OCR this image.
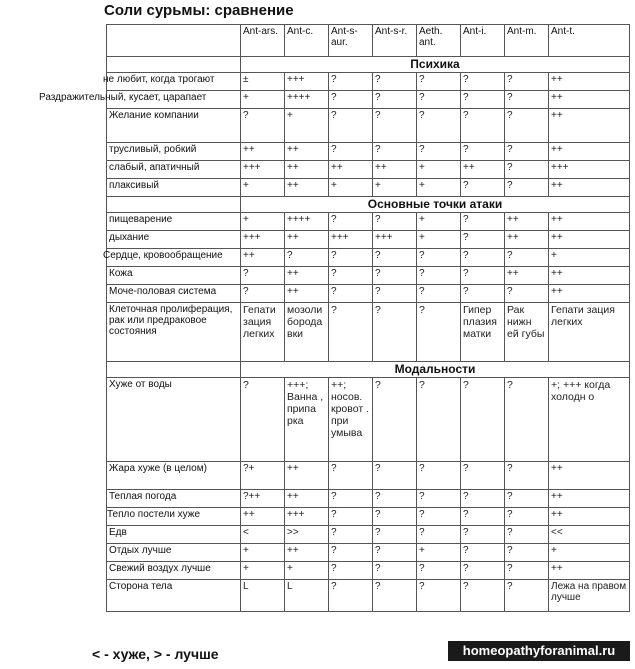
Соли сурьмы: сравнение
	Ant-ars.	Ant-c.	Ant-s-aur.	Ant-s-r.	Aeth. ant.	Ant-i.	Ant-m.	Ant-t.
	Психика							
не любит, когда трогают	±	+++	?	?	?	?	?	++
Раздражительный, кусает, царапает	+	++++	?	?	?	?	?	++
Желание компании	?	+	?	?	?	?	?	++
трусливый, робкий	++	++	?	?	?	?	?	++
слабый, апатичный	+++	++	++	++	+	++	?	+++
плаксивый	+	++	+	+	+	?	?	++
	Основные точки атаки							
пищеварение	+	++++	?	?	+	?	++	++
дыхание	+++	++	+++	+++	+	?	++	++
Сердце, кровообращение	++	?	?	?	?	?	?	+
Кожа	?	++	?	?	?	?	++	++
Моче-половая система	?	++	?	?	?	?	?	++
Клеточная пролиферация, рак или предраковое состояния	Гепати зация легких	мозоли борода вки	?	?	?	Гипер плазия матки	Рак нижн ей губы	Гепати зация легких
	Модальности							
Хуже от воды	?	+++; Ванна , припа рка	++; носов. кровот . при умыва	?	?	?	?	+; +++ когда холодн о
Жара хуже (в целом)	?+	++	?	?	?	?	?	++
Теплая погода	?++	++	?	?	?	?	?	++
Тепло постели хуже	++	+++	?	?	?	?	?	++
Едв	<	>>	?	?	?	?	?	<<
Отдых лучше	+	++	?	?	+	?	?	+
Свежий воздух лучше	+	+	?	?	?	?	?	++
Сторона тела	L	L	?	?	?	?	?	Лежа на правом лучше
< - хуже, > - лучше	homeopathyforanimal.ru
